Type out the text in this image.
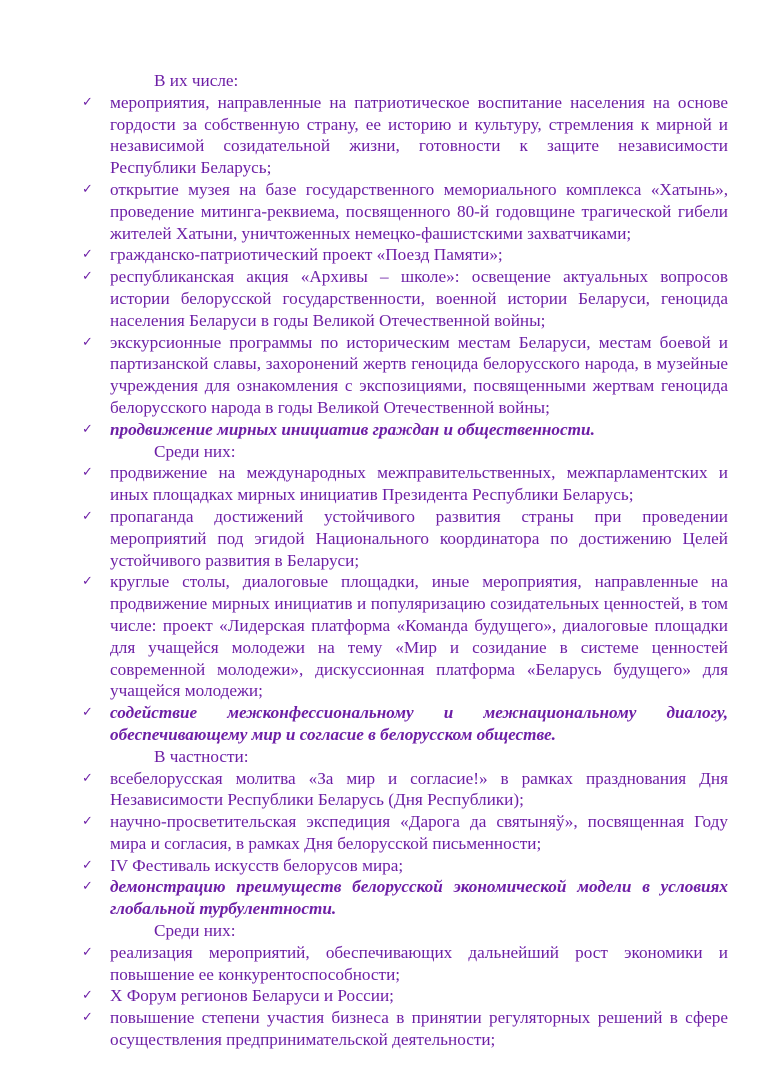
В их числе:

✓ мероприятия, направленные на патриотическое воспитание населения на основе гордости за собственную страну, ее историю и культуру, стремления к мирной и независимой созидательной жизни, готовности к защите независимости Республики Беларусь;
✓ открытие музея на базе государственного мемориального комплекса «Хатынь», проведение митинга-реквиема, посвященного 80-й годовщине трагической гибели жителей Хатыни, уничтоженных немецко-фашистскими захватчиками;
✓ гражданско-патриотический проект «Поезд Памяти»;
✓ республиканская акция «Архивы – школе»: освещение актуальных вопросов истории белорусской государственности, военной истории Беларуси, геноцида населения Беларуси в годы Великой Отечественной войны;
✓ экскурсионные программы по историческим местам Беларуси, местам боевой и партизанской славы, захоронений жертв геноцида белорусского народа, в музейные учреждения для ознакомления с экспозициями, посвященными жертвам геноцида белорусского народа в годы Великой Отечественной войны;
✓ продвижение мирных инициатив граждан и общественности.

Среди них:

✓ продвижение на международных межправительственных, межпарламентских и иных площадках мирных инициатив Президента Республики Беларусь;
✓ пропаганда достижений устойчивого развития страны при проведении мероприятий под эгидой Национального координатора по достижению Целей устойчивого развития в Беларуси;
✓ круглые столы, диалоговые площадки, иные мероприятия, направленные на продвижение мирных инициатив и популяризацию созидательных ценностей, в том числе: проект «Лидерская платформа «Команда будущего», диалоговые площадки для учащейся молодежи на тему «Мир и созидание в системе ценностей современной молодежи», дискуссионная платформа «Беларусь будущего» для учащейся молодежи;
✓ содействие межконфессиональному и межнациональному диалогу, обеспечивающему мир и согласие в белорусском обществе.

В частности:

✓ всебелорусская молитва «За мир и согласие!» в рамках празднования Дня Независимости Республики Беларусь (Дня Республики);
✓ научно-просветительская экспедиция «Дарога да святыняў», посвященная Году мира и согласия, в рамках Дня белорусской письменности;
✓ IV Фестиваль искусств белорусов мира;
✓ демонстрацию преимуществ белорусской экономической модели в условиях глобальной турбулентности.

Среди них:

✓ реализация мероприятий, обеспечивающих дальнейший рост экономики и повышение ее конкурентоспособности;
✓ X Форум регионов Беларуси и России;
✓ повышение степени участия бизнеса в принятии регуляторных решений в сфере осуществления предпринимательской деятельности;
